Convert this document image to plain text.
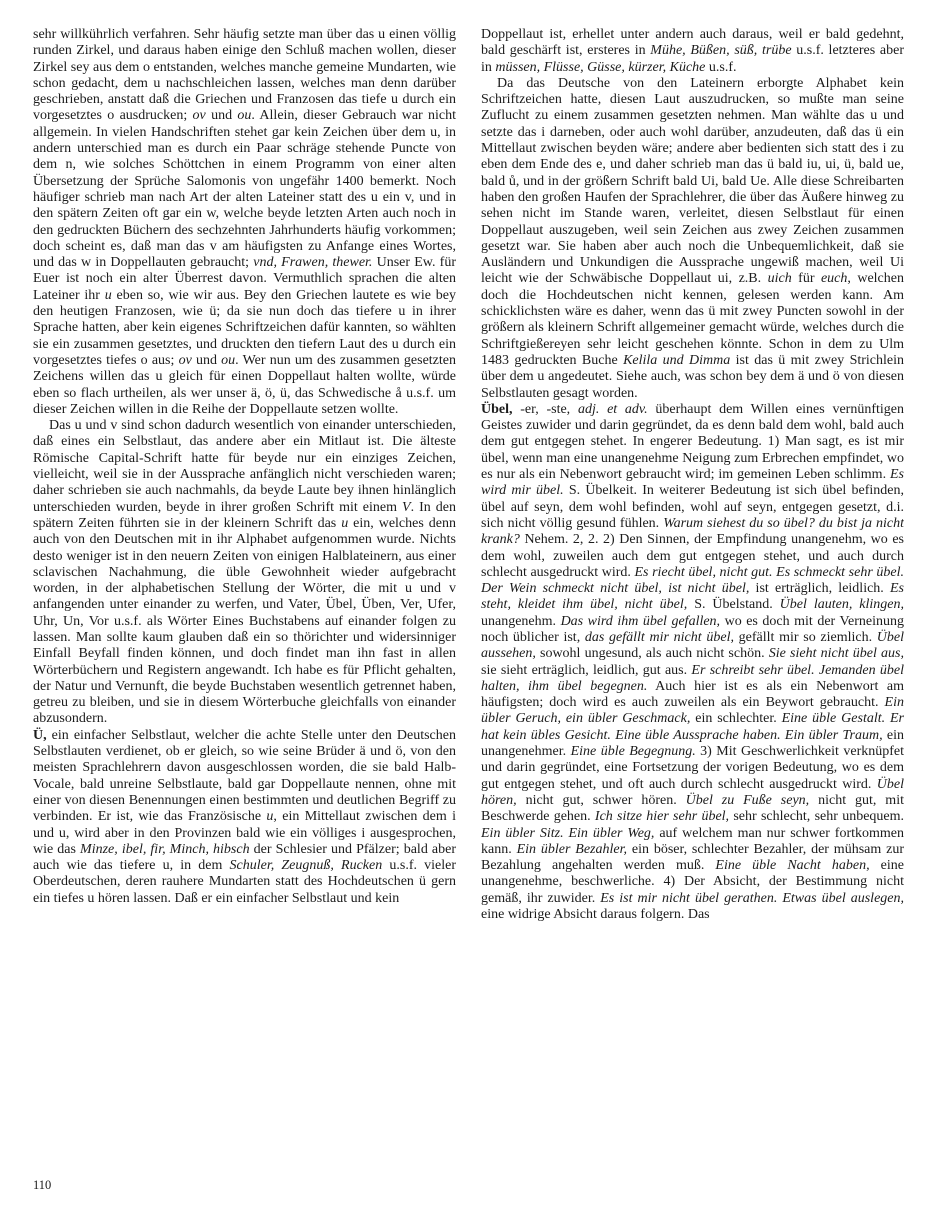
sehr willkührlich verfahren. Sehr häufig setzte man über das u einen völlig runden Zirkel, und daraus haben einige den Schluß machen wollen, dieser Zirkel sey aus dem o entstanden, welches manche gemeine Mundarten, wie schon gedacht, dem u nachschleichen lassen, welches man denn darüber geschrieben, anstatt daß die Griechen und Franzosen das tiefe u durch ein vorgesetztes o ausdrucken; ov und ou. Allein, dieser Gebrauch war nicht allgemein. In vielen Handschriften stehet gar kein Zeichen über dem u, in andern unterschied man es durch ein Paar schräge stehende Puncte von dem n, wie solches Schöttchen in einem Programm von einer alten Übersetzung der Sprüche Salomonis von ungefähr 1400 bemerkt. Noch häufiger schrieb man nach Art der alten Lateiner statt des u ein v, und in den spätern Zeiten oft gar ein w, welche beyde letzten Arten auch noch in den gedruckten Büchern des sechzehnten Jahrhunderts häufig vorkommen; doch scheint es, daß man das v am häufigsten zu Anfange eines Wortes, und das w in Doppellauten gebraucht; vnd, Frawen, thewer. Unser Ew. für Euer ist noch ein alter Überrest davon. Vermuthlich sprachen die alten Lateiner ihr u eben so, wie wir aus. Bey den Griechen lautete es wie bey den heutigen Franzosen, wie ü; da sie nun doch das tiefere u in ihrer Sprache hatten, aber kein eigenes Schriftzeichen dafür kannten, so wählten sie ein zusammen gesetztes, und druckten den tiefern Laut des u durch ein vorgesetztes tiefes o aus; ov und ou. Wer nun um des zusammen gesetzten Zeichens willen das u gleich für einen Doppellaut halten wollte, würde eben so flach urtheilen, als wer unser ä, ö, ü, das Schwedische å u.s.f. um dieser Zeichen willen in die Reihe der Doppellaute setzen wollte.

Das u und v sind schon dadurch wesentlich von einander unterschieden, daß eines ein Selbstlaut, das andere aber ein Mitlaut ist. Die älteste Römische Capital-Schrift hatte für beyde nur ein einziges Zeichen, vielleicht, weil sie in der Aussprache anfänglich nicht verschieden waren; daher schrieben sie auch nachmahls, da beyde Laute bey ihnen hinlänglich unterschieden wurden, beyde in ihrer großen Schrift mit einem V. In den spätern Zeiten führten sie in der kleinern Schrift das u ein, welches denn auch von den Deutschen mit in ihr Alphabet aufgenommen wurde. Nichts desto weniger ist in den neuern Zeiten von einigen Halblateinern, aus einer sclavischen Nachahmung, die üble Gewohnheit wieder aufgebracht worden, in der alphabetischen Stellung der Wörter, die mit u und v anfangenden unter einander zu werfen, und Vater, Übel, Üben, Ver, Ufer, Uhr, Un, Vor u.s.f. als Wörter Eines Buchstabens auf einander folgen zu lassen. Man sollte kaum glauben daß ein so thörichter und widersinniger Einfall Beyfall finden können, und doch findet man ihn fast in allen Wörterbüchern und Registern angewandt. Ich habe es für Pflicht gehalten, der Natur und Vernunft, die beyde Buchstaben wesentlich getrennet haben, getreu zu bleiben, und sie in diesem Wörterbuche gleichfalls von einander abzusondern.

Ü, ein einfacher Selbstlaut, welcher die achte Stelle unter den Deutschen Selbstlauten verdienet, ob er gleich, so wie seine Brüder ä und ö, von den meisten Sprachlehrern davon ausgeschlossen worden, die sie bald Halb-Vocale, bald unreine Selbstlaute, bald gar Doppellaute nennen, ohne mit einer von diesen Benennungen einen bestimmten und deutlichen Begriff zu verbinden. Er ist, wie das Französische u, ein Mittellaut zwischen dem i und u, wird aber in den Provinzen bald wie ein völliges i ausgesprochen, wie das Minze, ibel, fir, Minch, hibsch der Schlesier und Pfälzer; bald aber auch wie das tiefere u, in dem Schuler, Zeugnuß, Rucken u.s.f. vieler Oberdeutschen, deren rauhere Mundarten statt des Hochdeutschen ü gern ein tiefes u hören lassen. Daß er ein einfacher Selbstlaut und kein

Doppellaut ist, erhellet unter andern auch daraus, weil er bald gedehnt, bald geschärft ist, ersteres in Mühe, Büßen, süß, trübe u.s.f. letzteres aber in müssen, Flüsse, Güsse, kürzer, Küche u.s.f.

Da das Deutsche von den Lateinern erborgte Alphabet kein Schriftzeichen hatte, diesen Laut auszudrucken, so mußte man seine Zuflucht zu einem zusammen gesetzten nehmen. Man wählte das u und setzte das i darneben, oder auch wohl darüber, anzudeuten, daß das ü ein Mittellaut zwischen beyden wäre; andere aber bedienten sich statt des i zu eben dem Ende des e, und daher schrieb man das ü bald iu, ui, ü, bald ue, bald ů, und in der größern Schrift bald Ui, bald Ue. Alle diese Schreibarten haben den großen Haufen der Sprachlehrer, die über das Äußere hinweg zu sehen nicht im Stande waren, verleitet, diesen Selbstlaut für einen Doppellaut auszugeben, weil sein Zeichen aus zwey Zeichen zusammen gesetzt war. Sie haben aber auch noch die Unbequemlichkeit, daß sie Ausländern und Unkundigen die Aussprache ungewiß machen, weil Ui leicht wie der Schwäbische Doppellaut ui, z.B. uich für euch, welchen doch die Hochdeutschen nicht kennen, gelesen werden kann. Am schicklichsten wäre es daher, wenn das ü mit zwey Puncten sowohl in der größern als kleinern Schrift allgemeiner gemacht würde, welches durch die Schriftgießereyen sehr leicht geschehen könnte. Schon in dem zu Ulm 1483 gedruckten Buche Kelila und Dimma ist das ü mit zwey Strichlein über dem u angedeutet. Siehe auch, was schon bey dem ä und ö von diesen Selbstlauten gesagt worden.

Übel, -er, -ste, adj. et adv. überhaupt dem Willen eines vernünftigen Geistes zuwider und darin gegründet, da es denn bald dem wohl, bald auch dem gut entgegen stehet. In engerer Bedeutung. 1) Man sagt, es ist mir übel, wenn man eine unangenehme Neigung zum Erbrechen empfindet, wo es nur als ein Nebenwort gebraucht wird; im gemeinen Leben schlimm. Es wird mir übel. S. Übelkeit. In weiterer Bedeutung ist sich übel befinden, übel auf seyn, dem wohl befinden, wohl auf seyn, entgegen gesetzt, d.i. sich nicht völlig gesund fühlen. Warum siehest du so übel? du bist ja nicht krank? Nehem. 2, 2. 2) Den Sinnen, der Empfindung unangenehm, wo es dem wohl, zuweilen auch dem gut entgegen stehet, und auch durch schlecht ausgedruckt wird. Es riecht übel, nicht gut. Es schmeckt sehr übel. Der Wein schmeckt nicht übel, ist nicht übel, ist erträglich, leidlich. Es steht, kleidet ihm übel, nicht übel, S. Übelstand. Übel lauten, klingen, unangenehm. Das wird ihm übel gefallen, wo es doch mit der Verneinung noch üblicher ist, das gefällt mir nicht übel, gefällt mir so ziemlich. Übel aussehen, sowohl ungesund, als auch nicht schön. Sie sieht nicht übel aus, sie sieht erträglich, leidlich, gut aus. Er schreibt sehr übel. Jemanden übel halten, ihm übel begegnen. Auch hier ist es als ein Nebenwort am häufigsten; doch wird es auch zuweilen als ein Beywort gebraucht. Ein übler Geruch, ein übler Geschmack, ein schlechter. Eine üble Gestalt. Er hat kein übles Gesicht. Eine üble Aussprache haben. Ein übler Traum, ein unangenehmer. Eine üble Begegnung. 3) Mit Geschwerlichkeit verknüpfet und darin gegründet, eine Fortsetzung der vorigen Bedeutung, wo es dem gut entgegen stehet, und oft auch durch schlecht ausgedruckt wird. Übel hören, nicht gut, schwer hören. Übel zu Fuße seyn, nicht gut, mit Beschwerde gehen. Ich sitze hier sehr übel, sehr schlecht, sehr unbequem. Ein übler Sitz. Ein übler Weg, auf welchem man nur schwer fortkommen kann. Ein übler Bezahler, ein böser, schlechter Bezahler, der mühsam zur Bezahlung angehalten werden muß. Eine üble Nacht haben, eine unangenehme, beschwerliche. 4) Der Absicht, der Bestimmung nicht gemäß, ihr zuwider. Es ist mir nicht übel gerathen. Etwas übel auslegen, eine widrige Absicht daraus folgern. Das

110
